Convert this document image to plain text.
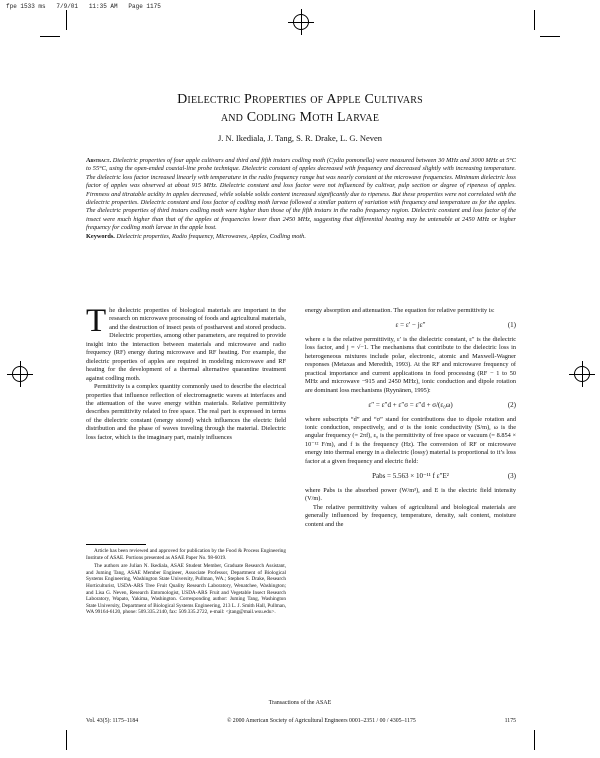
fpe 1533 ms   7/9/01   11:35 AM   Page 1175
Dielectric Properties of Apple Cultivars
and Codling Moth Larvae
J. N. Ikediala, J. Tang, S. R. Drake, L. G. Neven
Abstract. Dielectric properties of four apple cultivars and third and fifth instars codling moth (Cydia pomonella) were measured between 30 MHz and 3000 MHz at 5°C to 55°C, using the open-ended coaxial-line probe technique. Dielectric constant of apples decreased with frequency and decreased slightly with increasing temperature. The dielectric loss factor increased linearly with temperature in the radio frequency range but was nearly constant at the microwave frequencies. Minimum dielectric loss factor of apples was observed at about 915 MHz. Dielectric constant and loss factor were not influenced by cultivar, pulp section or degree of ripeness of apples. Firmness and titratable acidity in apples decreased, while soluble solids content increased significantly due to ripeness. But these properties were not correlated with the dielectric properties. Dielectric constant and loss factor of codling moth larvae followed a similar pattern of variation with frequency and temperature as for the apples. The dielectric properties of third instars codling moth were higher than those of the fifth instars in the radio frequency region. Dielectric constant and loss factor of the insect were much higher than that of the apples at frequencies lower than 2450 MHz, suggesting that differential heating may be untenable at 2450 MHz or higher frequency for codling moth larvae in the apple host.
Keywords. Dielectric properties, Radio frequency, Microwaves, Apples, Codling moth.

The dielectric properties of biological materials are important in the research on microwave processing of foods and agricultural materials, and the destruction of insect pests of postharvest and stored products. Dielectric properties, among other parameters, are required to provide insight into the interaction between materials and microwave and radio frequency (RF) energy during microwave and RF heating. For example, the dielectric properties of apples are required in modeling microwave and RF heating for the development of a thermal alternative quarantine treatment against codling moth.

Permittivity is a complex quantity commonly used to describe the electrical properties that influence reflection of electromagnetic waves at interfaces and the attenuation of the wave energy within materials. Relative permittivity describes permittivity related to free space. The real part is expressed in terms of the dielectric constant (energy stored) which influences the electric field distribution and the phase of waves traveling through the material. Dielectric loss factor, which is the imaginary part, mainly influences

Article has been reviewed and approved for publication by the Food & Process Engineering Institute of ASAE. Portions presented as ASAE Paper No. 98-6019.

The authors are Julian N. Ikediala, ASAE Student Member, Graduate Research Assistant, and Juming Tang, ASAE Member Engineer, Associate Professor, Department of Biological Systems Engineering, Washington State University, Pullman, WA.; Stephen S. Drake, Research Horticulturist, USDA-ARS Tree Fruit Quality Research Laboratory, Wenatchee, Washington; and Lisa G. Neven, Research Entomologist, USDA-ARS Fruit and Vegetable Insect Research Laboratory, Wapato, Yakima, Washington. Corresponding author: Juming Tang, Washington State University, Department of Biological Systems Engineering, 213 L. J. Smith Hall, Pullman, WA 99164-6120, phone: 509.335.2140, fax: 509.335.2722, e-mail: <jtang@mail.wsu.edu>.

energy absorption and attenuation. The equation for relative permittivity is:

ε = ε′ − jε″	(1)

where ε is the relative permittivity, ε′ is the dielectric constant, ε″ is the dielectric loss factor, and j = √−1. The mechanisms that contribute to the dielectric loss in heterogeneous mixtures include polar, electronic, atomic and Maxwell-Wagner responses (Metaxas and Meredith, 1993). At the RF and microwave frequency of practical importance and current applications in food processing (RF − 1 to 50 MHz and microwave −915 and 2450 MHz), ionic conduction and dipole rotation are dominant loss mechanisms (Ryynänen, 1995):

ε″ = ε″d + ε″σ = ε″d + σ/(ε₀ω)	(2)

where subscripts “d” and “σ” stand for contributions due to dipole rotation and ionic conduction, respectively, and σ is the ionic conductivity (S/m), ω is the angular frequency (= 2πf), ε₀ is the permittivity of free space or vacuum (= 8.854 × 10⁻¹² F/m), and f is the frequency (Hz). The conversion of RF or microwave energy into thermal energy in a dielectric (lossy) material is proportional to it’s loss factor at a given frequency and electric field:

Pabs = 5.563 × 10⁻¹¹ f ε″E²	(3)

where Pabs is the absorbed power (W/m³), and E is the electric field intensity (V/m).

The relative permittivity values of agricultural and biological materials are generally influenced by frequency, temperature, density, salt content, moisture content and the

Transactions of the ASAE
Vol. 43(5): 1175–1184	© 2000 American Society of Agricultural Engineers 0001–2351 / 00 / 4305–1175	1175
